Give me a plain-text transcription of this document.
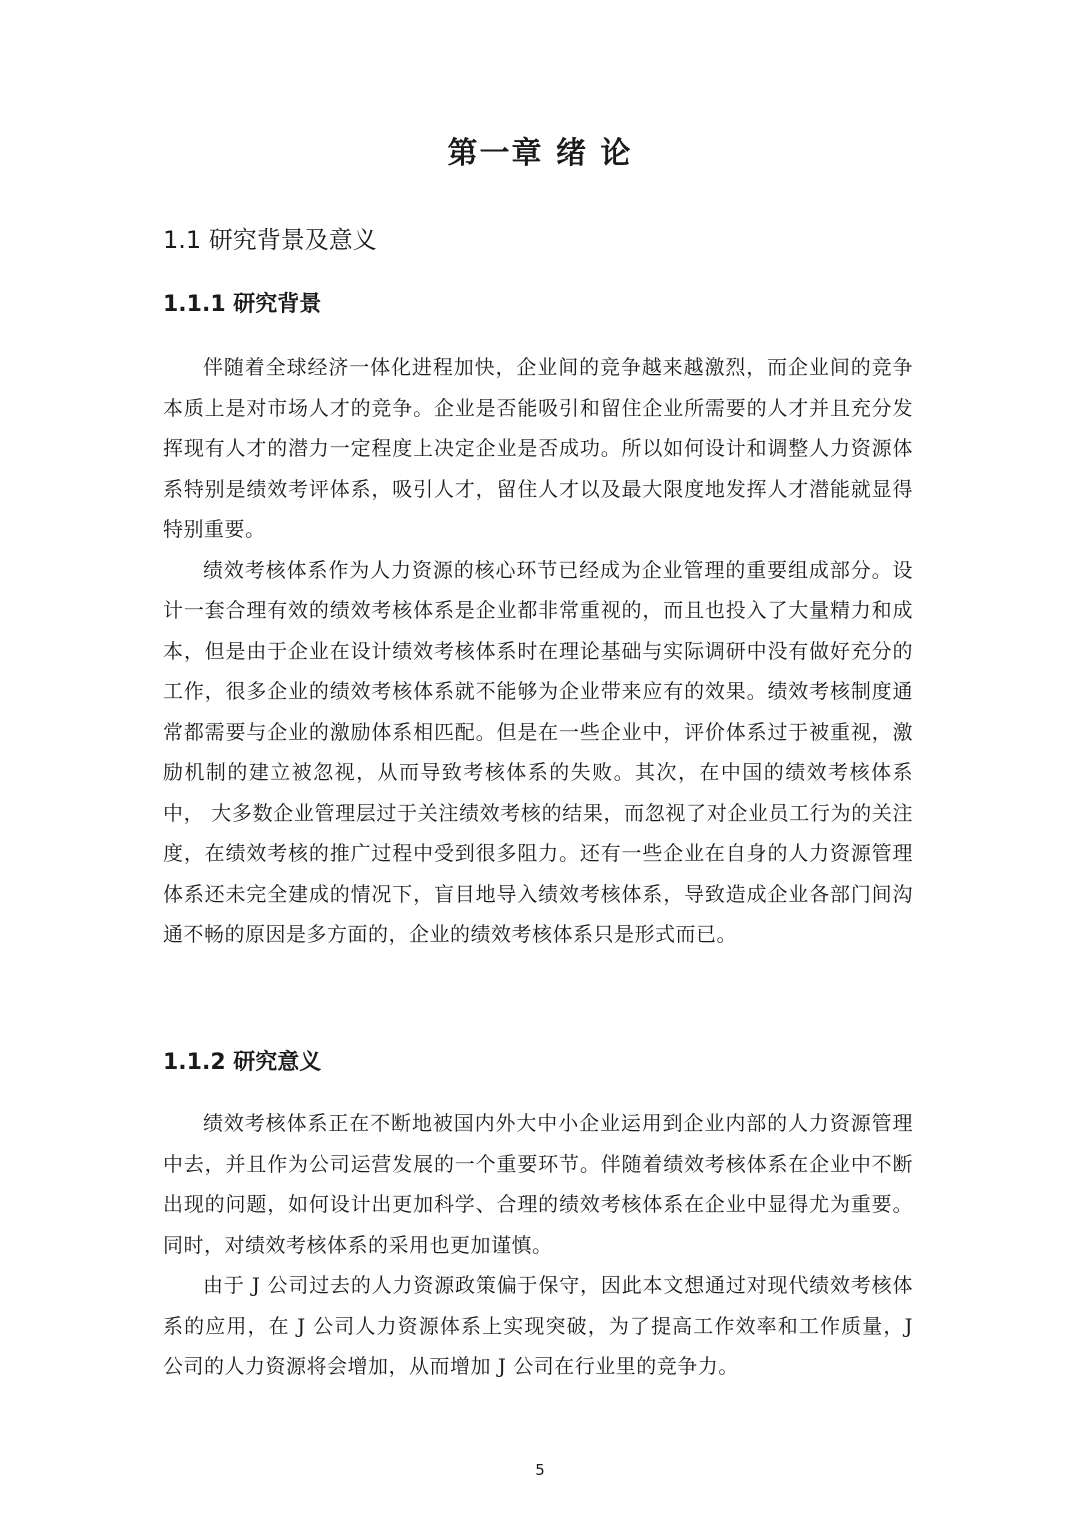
第一章 绪 论
1.1 研究背景及意义
1.1.1 研究背景

伴随着全球经济一体化进程加快，企业间的竞争越来越激烈，而企业间的竞争本质上是对市场人才的竞争。企业是否能吸引和留住企业所需要的人才并且充分发挥现有人才的潜力一定程度上决定企业是否成功。所以如何设计和调整人力资源体系特别是绩效考评体系，吸引人才，留住人才以及最大限度地发挥人才潜能就显得特别重要。

绩效考核体系作为人力资源的核心环节已经成为企业管理的重要组成部分。设计一套合理有效的绩效考核体系是企业都非常重视的，而且也投入了大量精力和成本，但是由于企业在设计绩效考核体系时在理论基础与实际调研中没有做好充分的工作，很多企业的绩效考核体系就不能够为企业带来应有的效果。绩效考核制度通常都需要与企业的激励体系相匹配。但是在一些企业中，评价体系过于被重视，激励机制的建立被忽视，从而导致考核体系的失败。其次，在中国的绩效考核体系中， 大多数企业管理层过于关注绩效考核的结果，而忽视了对企业员工行为的关注度，在绩效考核的推广过程中受到很多阻力。还有一些企业在自身的人力资源管理体系还未完全建成的情况下，盲目地导入绩效考核体系，导致造成企业各部门间沟通不畅的原因是多方面的，企业的绩效考核体系只是形式而已。

1.1.2 研究意义

绩效考核体系正在不断地被国内外大中小企业运用到企业内部的人力资源管理中去，并且作为公司运营发展的一个重要环节。伴随着绩效考核体系在企业中不断出现的问题，如何设计出更加科学、合理的绩效考核体系在企业中显得尤为重要。同时，对绩效考核体系的采用也更加谨慎。

由于 J 公司过去的人力资源政策偏于保守，因此本文想通过对现代绩效考核体系的应用，在 J 公司人力资源体系上实现突破，为了提高工作效率和工作质量，J 公司的人力资源将会增加，从而增加 J 公司在行业里的竞争力。

5
